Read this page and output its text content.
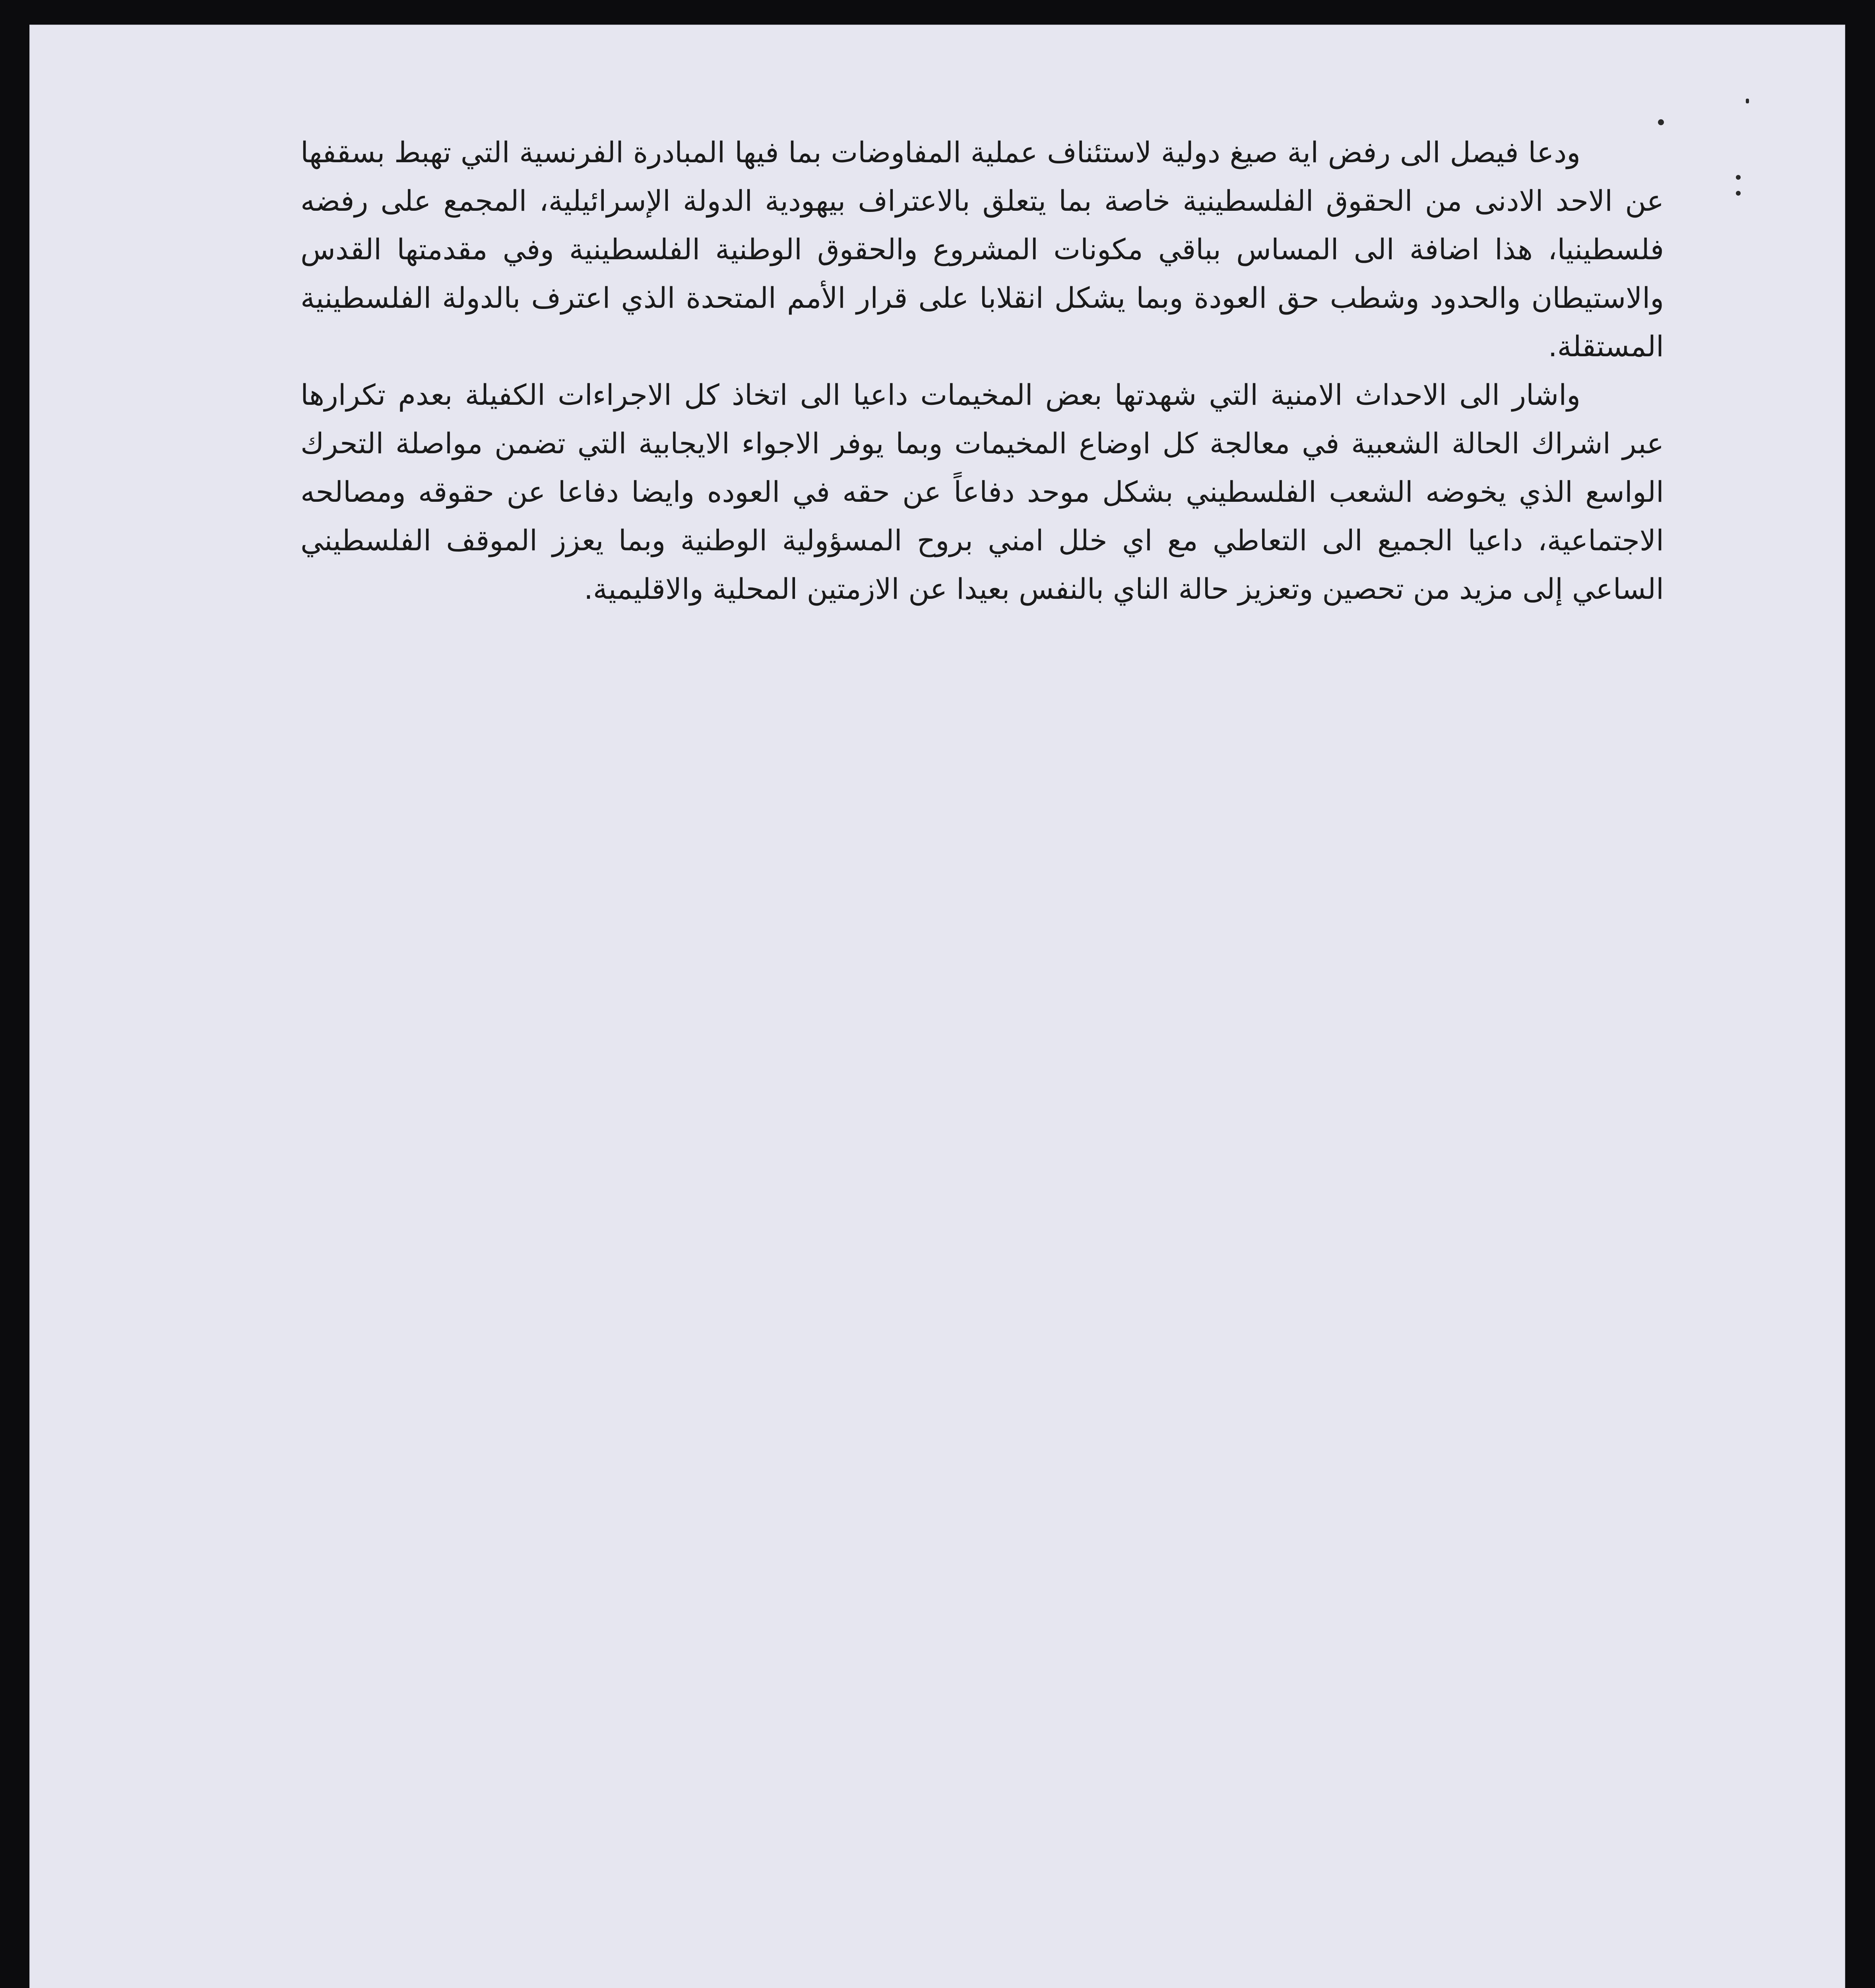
ودعا فيصل الى رفض اية صيغ دولية لاستئناف عملية المفاوضات بما فيها المبادرة الفرنسية التي تهبط بسقفها عن الاحد الادنى من الحقوق الفلسطينية خاصة بما يتعلق بالاعتراف بيهودية الدولة الإسرائيلية، المجمع على رفضه فلسطينيا، هذا اضافة الى المساس بباقي مكونات المشروع والحقوق الوطنية الفلسطينية وفي مقدمتها القدس والاستيطان والحدود وشطب حق العودة وبما يشكل انقلابا على قرار الأمم المتحدة الذي اعترف بالدولة الفلسطينية المستقلة.

واشار الى الاحداث الامنية التي شهدتها بعض المخيمات داعيا الى اتخاذ كل الاجراءات الكفيلة بعدم تكرارها عبر اشراك الحالة الشعبية في معالجة كل اوضاع المخيمات وبما يوفر الاجواء الايجابية التي تضمن مواصلة التحرك الواسع الذي يخوضه الشعب الفلسطيني بشكل موحد دفاعاً عن حقه في العوده وايضا دفاعا عن حقوقه ومصالحه الاجتماعية، داعيا الجميع الى التعاطي مع اي خلل امني بروح المسؤولية الوطنية وبما يعزز الموقف الفلسطيني الساعي إلى مزيد من تحصين وتعزيز حالة الناي بالنفس بعيدا عن الازمتين المحلية والاقليمية.
